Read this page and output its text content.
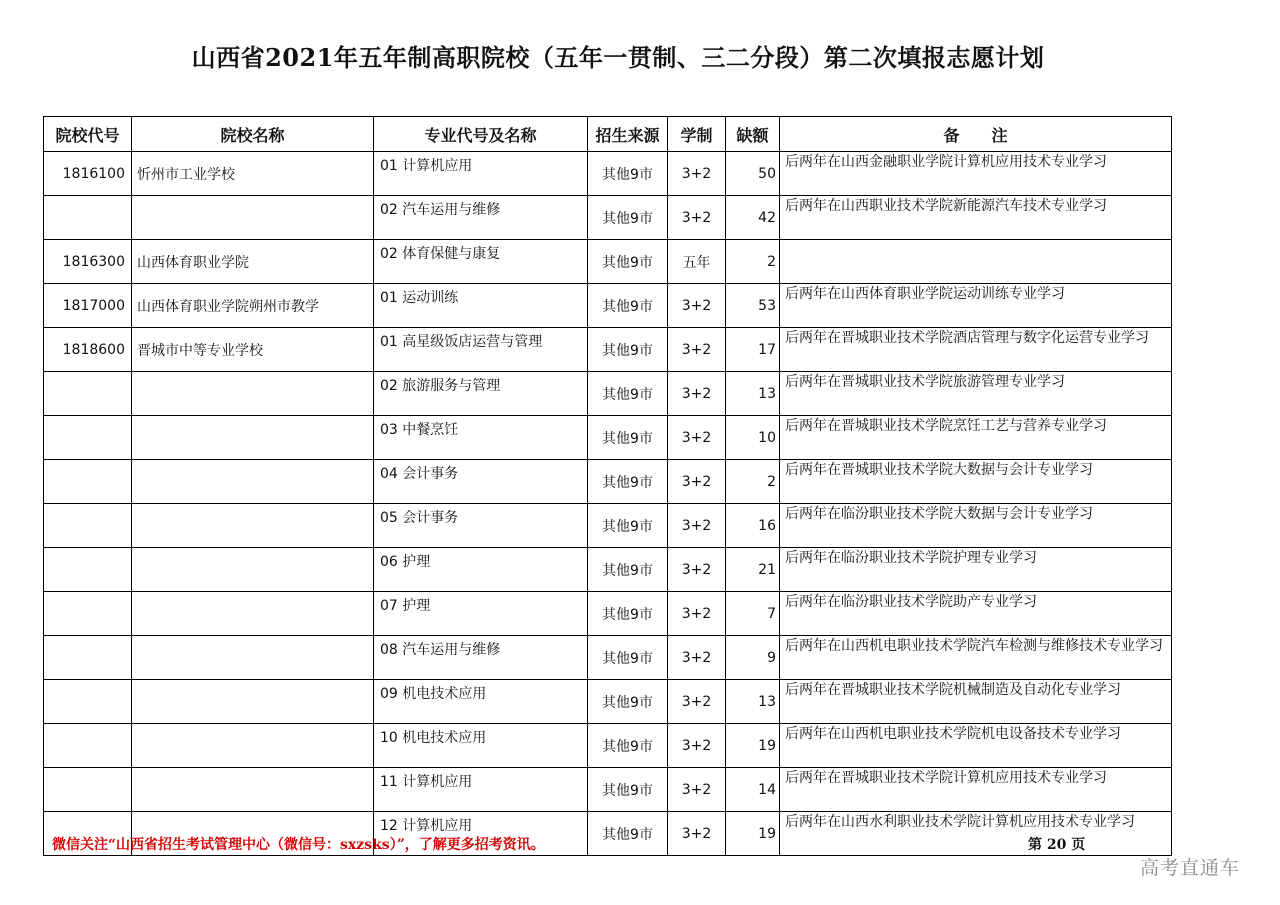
山西省2021年五年制高职院校（五年一贯制、三二分段）第二次填报志愿计划
院校代号	院校名称	专业代号及名称	招生来源	学制	缺额	备　　注
1816100	忻州市工业学校	01 计算机应用	其他9市	3+2	50	后两年在山西金融职业学院计算机应用技术专业学习
		02 汽车运用与维修	其他9市	3+2	42	后两年在山西职业技术学院新能源汽车技术专业学习
1816300	山西体育职业学院	02 体育保健与康复	其他9市	五年	2	
1817000	山西体育职业学院朔州市教学	01 运动训练	其他9市	3+2	53	后两年在山西体育职业学院运动训练专业学习
1818600	晋城市中等专业学校	01 高星级饭店运营与管理	其他9市	3+2	17	后两年在晋城职业技术学院酒店管理与数字化运营专业学习
		02 旅游服务与管理	其他9市	3+2	13	后两年在晋城职业技术学院旅游管理专业学习
		03 中餐烹饪	其他9市	3+2	10	后两年在晋城职业技术学院烹饪工艺与营养专业学习
		04 会计事务	其他9市	3+2	2	后两年在晋城职业技术学院大数据与会计专业学习
		05 会计事务	其他9市	3+2	16	后两年在临汾职业技术学院大数据与会计专业学习
		06 护理	其他9市	3+2	21	后两年在临汾职业技术学院护理专业学习
		07 护理	其他9市	3+2	7	后两年在临汾职业技术学院助产专业学习
		08 汽车运用与维修	其他9市	3+2	9	后两年在山西机电职业技术学院汽车检测与维修技术专业学习
		09 机电技术应用	其他9市	3+2	13	后两年在晋城职业技术学院机械制造及自动化专业学习
		10 机电技术应用	其他9市	3+2	19	后两年在山西机电职业技术学院机电设备技术专业学习
		11 计算机应用	其他9市	3+2	14	后两年在晋城职业技术学院计算机应用技术专业学习
		12 计算机应用	其他9市	3+2	19	后两年在山西水利职业技术学院计算机应用技术专业学习
微信关注“山西省招生考试管理中心（微信号：sxzsks）”，了解更多招考资讯。	第 20 页
高考直通车
